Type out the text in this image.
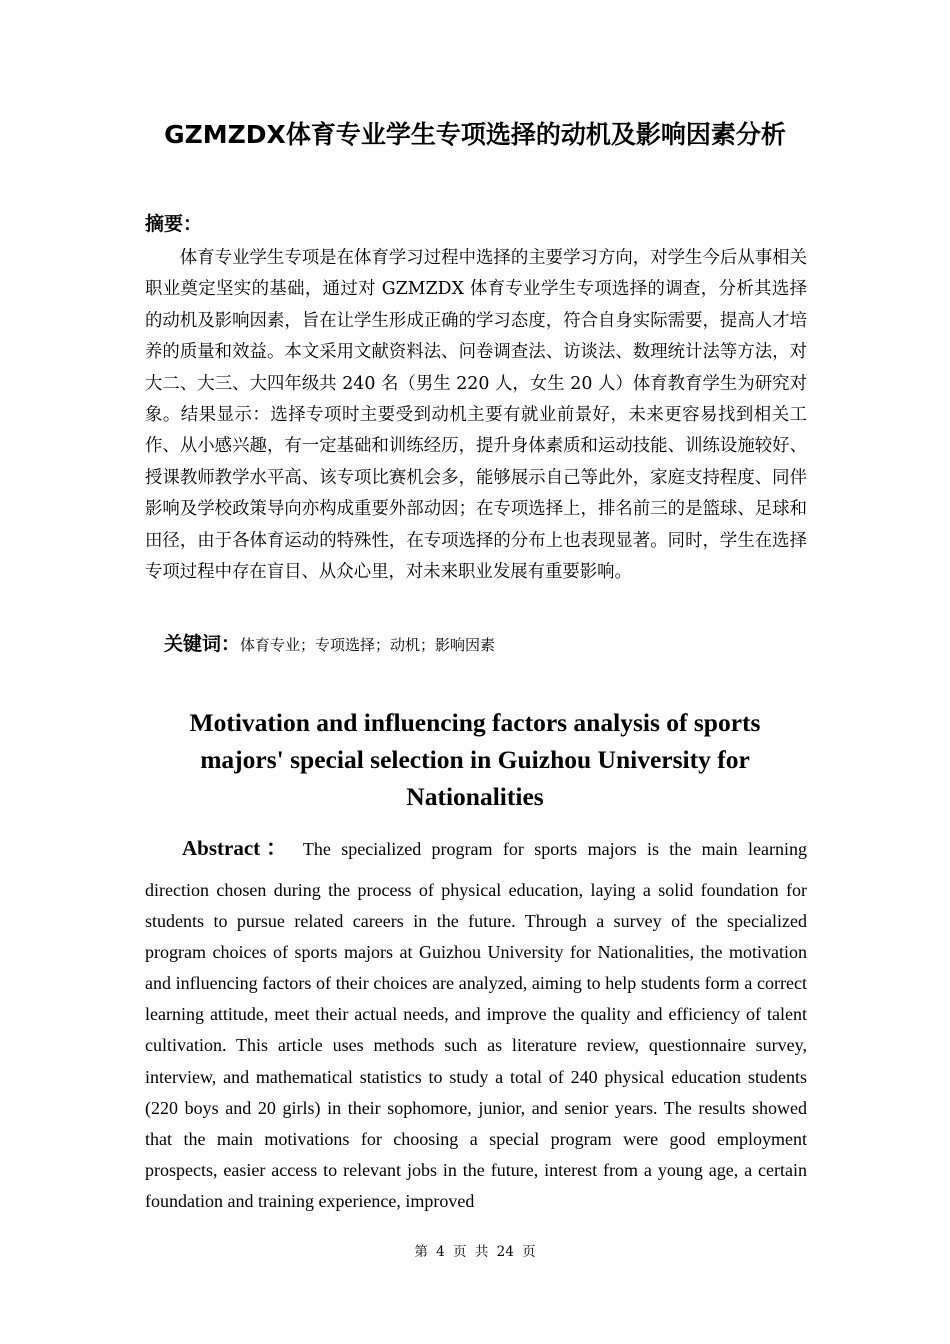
GZMZDX体育专业学生专项选择的动机及影响因素分析
摘要：

体育专业学生专项是在体育学习过程中选择的主要学习方向，对学生今后从事相关职业奠定坚实的基础，通过对 GZMZDX 体育专业学生专项选择的调查，分析其选择的动机及影响因素，旨在让学生形成正确的学习态度，符合自身实际需要，提高人才培养的质量和效益。本文采用文献资料法、问卷调查法、访谈法、数理统计法等方法，对大二、大三、大四年级共 240 名（男生 220 人，女生 20 人）体育教育学生为研究对象。结果显示：选择专项时主要受到动机主要有就业前景好，未来更容易找到相关工作、从小感兴趣，有一定基础和训练经历，提升身体素质和运动技能、训练设施较好、授课教师教学水平高、该专项比赛机会多，能够展示自己等此外，家庭支持程度、同伴影响及学校政策导向亦构成重要外部动因；在专项选择上，排名前三的是篮球、足球和田径，由于各体育运动的特殊性，在专项选择的分布上也表现显著。同时，学生在选择专项过程中存在盲目、从众心里，对未来职业发展有重要影响。

关键词：体育专业；专项选择；动机；影响因素
Motivation and influencing factors analysis of sports majors' special selection in Guizhou University for Nationalities

Abstract： The specialized program for sports majors is the main learning
direction chosen during the process of physical education, laying a solid foundation for students to pursue related careers in the future. Through a survey of the specialized program choices of sports majors at Guizhou University for Nationalities, the motivation and influencing factors of their choices are analyzed, aiming to help students form a correct learning attitude, meet their actual needs, and improve the quality and efficiency of talent cultivation. This article uses methods such as literature review, questionnaire survey, interview, and mathematical statistics to study a total of 240 physical education students (220 boys and 20 girls) in their sophomore, junior, and senior years. The results showed that the main motivations for choosing a special program were good employment prospects, easier access to relevant jobs in the future, interest from a young age, a certain foundation and training experience, improved

第 4 页 共 24 页
